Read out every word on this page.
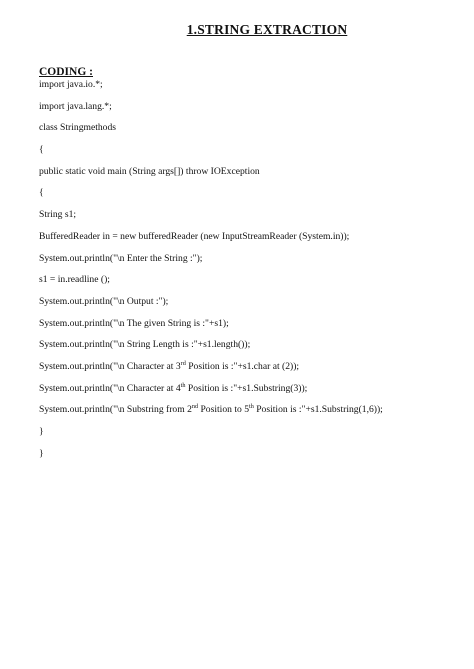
1.STRING EXTRACTION
CODING :
import java.io.*;
import java.lang.*;
class Stringmethods
{
public static void main (String args[]) throw IOException
{
String s1;
BufferedReader in = new bufferedReader (new InputStreamReader (System.in));
System.out.println("\n Enter the String :");
s1 = in.readline ();
System.out.println("\n Output :");
System.out.println("\n The given String is :"+s1);
System.out.println("\n String Length is :"+s1.length());
System.out.println("\n Character at 3rd Position is :"+s1.char at (2));
System.out.println("\n Character at 4th Position is :"+s1.Substring(3));
System.out.println("\n Substring from 2nd Position to 5th Position is :"+s1.Substring(1,6));
}
}
